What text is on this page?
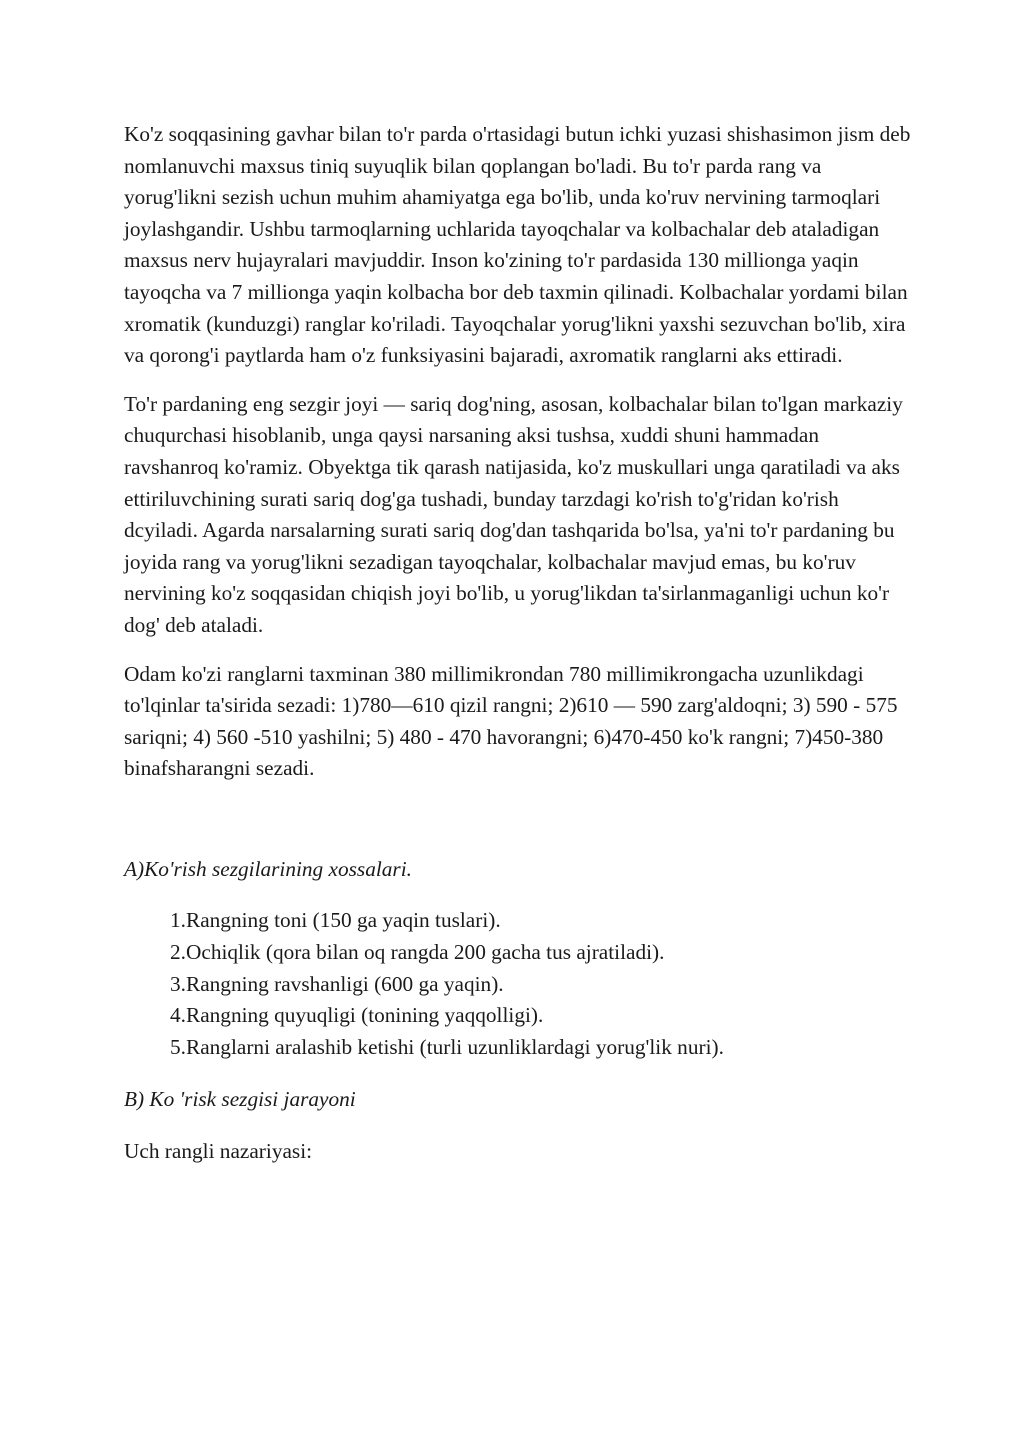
Ko'z soqqasining gavhar bilan to'r parda o'rtasidagi butun ichki yuzasi shishasimon jism deb nomlanuvchi maxsus tiniq suyuqlik bilan qoplangan bo'ladi. Bu to'r parda rang va yorug'likni sezish uchun muhim ahamiyatga ega bo'lib, unda ko'ruv nervining tarmoqlari joylashgandir. Ushbu tarmoqlarning uchlarida tayoqchalar va kolbachalar deb ataladigan maxsus nerv hujayralari mavjuddir. Inson ko'zining to'r pardasida 130 millionga yaqin tayoqcha va 7 millionga yaqin kolbacha bor deb taxmin qilinadi. Kolbachalar yordami bilan xromatik (kunduzgi) ranglar ko'riladi. Tayoqchalar yorug'likni yaxshi sezuvchan bo'lib, xira va qorong'i paytlarda ham o'z funksiyasini bajaradi, axromatik ranglarni aks ettiradi.

To'r pardaning eng sezgir joyi — sariq dog'ning, asosan, kolbachalar bilan to'lgan markaziy chuqurchasi hisoblanib, unga qaysi narsaning aksi tushsa, xuddi shuni hammadan ravshanroq ko'ramiz. Obyektga tik qarash natijasida, ko'z muskullari unga qaratiladi va aks ettiriluvchining surati sariq dog'ga tushadi, bunday tarzdagi ko'rish to'g'ridan ko'rish dcyiladi. Agarda narsalarning surati sariq dog'dan tashqarida bo'lsa, ya'ni to'r pardaning bu joyida rang va yorug'likni sezadigan tayoqchalar, kolbachalar mavjud emas, bu ko'ruv nervining ko'z soqqasidan chiqish joyi bo'lib, u yorug'likdan ta'sirlanmaganligi uchun ko'r dog' deb ataladi.

Odam ko'zi ranglarni taxminan 380 millimikrondan 780 millimikrongacha uzunlikdagi to'lqinlar ta'sirida sezadi: 1)780—610 qizil rangni; 2)610 — 590 zarg'aldoqni; 3) 590 - 575 sariqni; 4) 560 -510 yashilni; 5) 480 - 470 havorangni; 6)470-450 ko'k rangni; 7)450-380 binafsharangni sezadi.

A)Ko'rish sezgilarining xossalari.

1. Rangning toni (150 ga yaqin tuslari).
2. Ochiqlik (qora bilan oq rangda 200 gacha tus ajratiladi).
3. Rangning ravshanligi (600 ga yaqin).
4. Rangning quyuqligi (tonining yaqqolligi).
5. Ranglarni aralashib ketishi (turli uzunliklardagi yorug'lik nuri).

B) Ko 'risk sezgisi jarayoni

Uch rangli nazariyasi:
